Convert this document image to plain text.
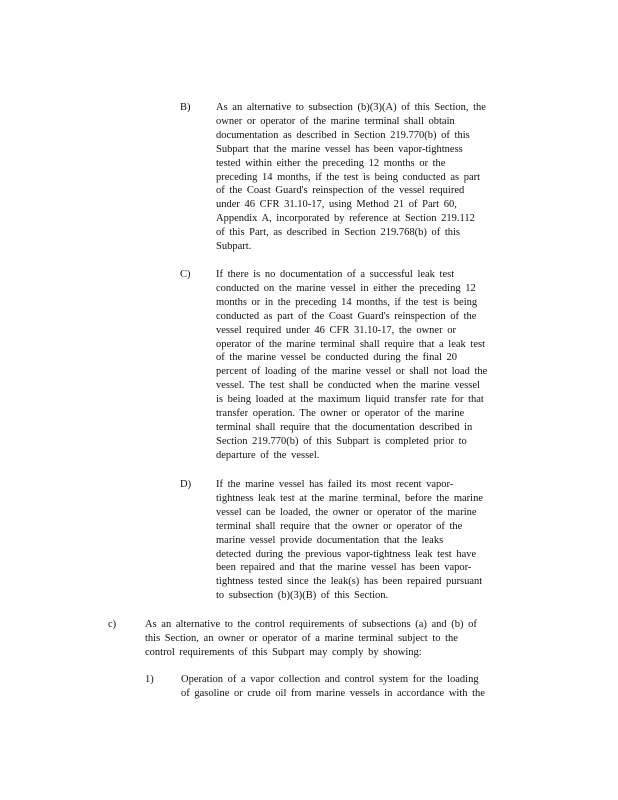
B) As an alternative to subsection (b)(3)(A) of this Section, the
owner or operator of the marine terminal shall obtain
documentation as described in Section 219.770(b) of this
Subpart that the marine vessel has been vapor-tightness
tested within either the preceding 12 months or the
preceding 14 months, if the test is being conducted as part
of the Coast Guard's reinspection of the vessel required
under 46 CFR 31.10-17, using Method 21 of Part 60,
Appendix A, incorporated by reference at Section 219.112
of this Part, as described in Section 219.768(b) of this
Subpart.
C) If there is no documentation of a successful leak test
conducted on the marine vessel in either the preceding 12
months or in the preceding 14 months, if the test is being
conducted as part of the Coast Guard's reinspection of the
vessel required under 46 CFR 31.10-17, the owner or
operator of the marine terminal shall require that a leak test
of the marine vessel be conducted during the final 20
percent of loading of the marine vessel or shall not load the
vessel. The test shall be conducted when the marine vessel
is being loaded at the maximum liquid transfer rate for that
transfer operation. The owner or operator of the marine
terminal shall require that the documentation described in
Section 219.770(b) of this Subpart is completed prior to
departure of the vessel.
D) If the marine vessel has failed its most recent vapor-
tightness leak test at the marine terminal, before the marine
vessel can be loaded, the owner or operator of the marine
terminal shall require that the owner or operator of the
marine vessel provide documentation that the leaks
detected during the previous vapor-tightness leak test have
been repaired and that the marine vessel has been vapor-
tightness tested since the leak(s) has been repaired pursuant
to subsection (b)(3)(B) of this Section.
c)	As an alternative to the control requirements of subsections (a) and (b) of
this Section, an owner or operator of a marine terminal subject to the
control requirements of this Subpart may comply by showing:
1)	Operation of a vapor collection and control system for the loading
of gasoline or crude oil from marine vessels in accordance with the
